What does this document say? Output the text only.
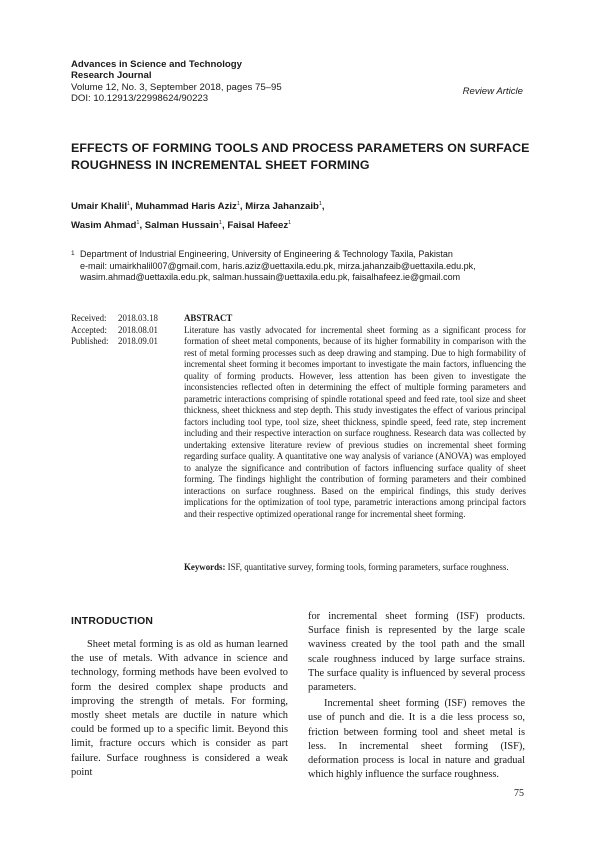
Advances in Science and Technology
Research Journal
Volume 12, No. 3, September 2018, pages 75–95
DOI: 10.12913/22998624/90223
Review Article
EFFECTS OF FORMING TOOLS AND PROCESS PARAMETERS ON SURFACE ROUGHNESS IN INCREMENTAL SHEET FORMING
Umair Khalil$^1$, Muhammad Haris Aziz$^1$, Mirza Jahanzaib$^1$,
Wasim Ahmad$^1$, Salman Hussain$^1$, Faisal Hafeez$^1$
1 Department of Industrial Engineering, University of Engineering & Technology Taxila, Pakistan
e-mail: umairkhalil007@gmail.com, haris.aziz@uettaxila.edu.pk, mirza.jahanzaib@uettaxila.edu.pk,
wasim.ahmad@uettaxila.edu.pk, salman.hussain@uettaxila.edu.pk, faisalhafeez.ie@gmail.com
Received:	2018.03.18
Accepted:	2018.08.01
Published:	2018.09.01
ABSTRACT
Literature has vastly advocated for incremental sheet forming as a significant process for formation of sheet metal components, because of its higher formability in comparison with the rest of metal forming processes such as deep drawing and stamping. Due to high formability of incremental sheet forming it becomes important to investigate the main factors, influencing the quality of forming products. However, less attention has been given to investigate the inconsistencies reflected often in determining the effect of multiple forming parameters and parametric interactions comprising of spindle rotational speed and feed rate, tool size and sheet thickness, sheet thickness and step depth. This study investigates the effect of various principal factors including tool type, tool size, sheet thickness, spindle speed, feed rate, step increment including and their respective interaction on surface roughness. Research data was collected by undertaking extensive literature review of previous studies on incremental sheet forming regarding surface quality. A quantitative one way analysis of variance (ANOVA) was employed to analyze the significance and contribution of factors influencing surface quality of sheet forming. The findings highlight the contribution of forming parameters and their combined interactions on surface roughness. Based on the empirical findings, this study derives implications for the optimization of tool type, parametric interactions among principal factors and their respective optimized operational range for incremental sheet forming.
Keywords: ISF, quantitative survey, forming tools, forming parameters, surface roughness.
INTRODUCTION

Sheet metal forming is as old as human learned the use of metals. With advance in science and technology, forming methods have been evolved to form the desired complex shape products and improving the strength of metals. For forming, mostly sheet metals are ductile in nature which could be formed up to a specific limit. Beyond this limit, fracture occurs which is consider as part failure. Surface roughness is considered a weak point

for incremental sheet forming (ISF) products. Surface finish is represented by the large scale waviness created by the tool path and the small scale roughness induced by large surface strains. The surface quality is influenced by several process parameters.

Incremental sheet forming (ISF) removes the use of punch and die. It is a die less process so, friction between forming tool and sheet metal is less. In incremental sheet forming (ISF), deformation process is local in nature and gradual which highly influence the surface roughness.

75
